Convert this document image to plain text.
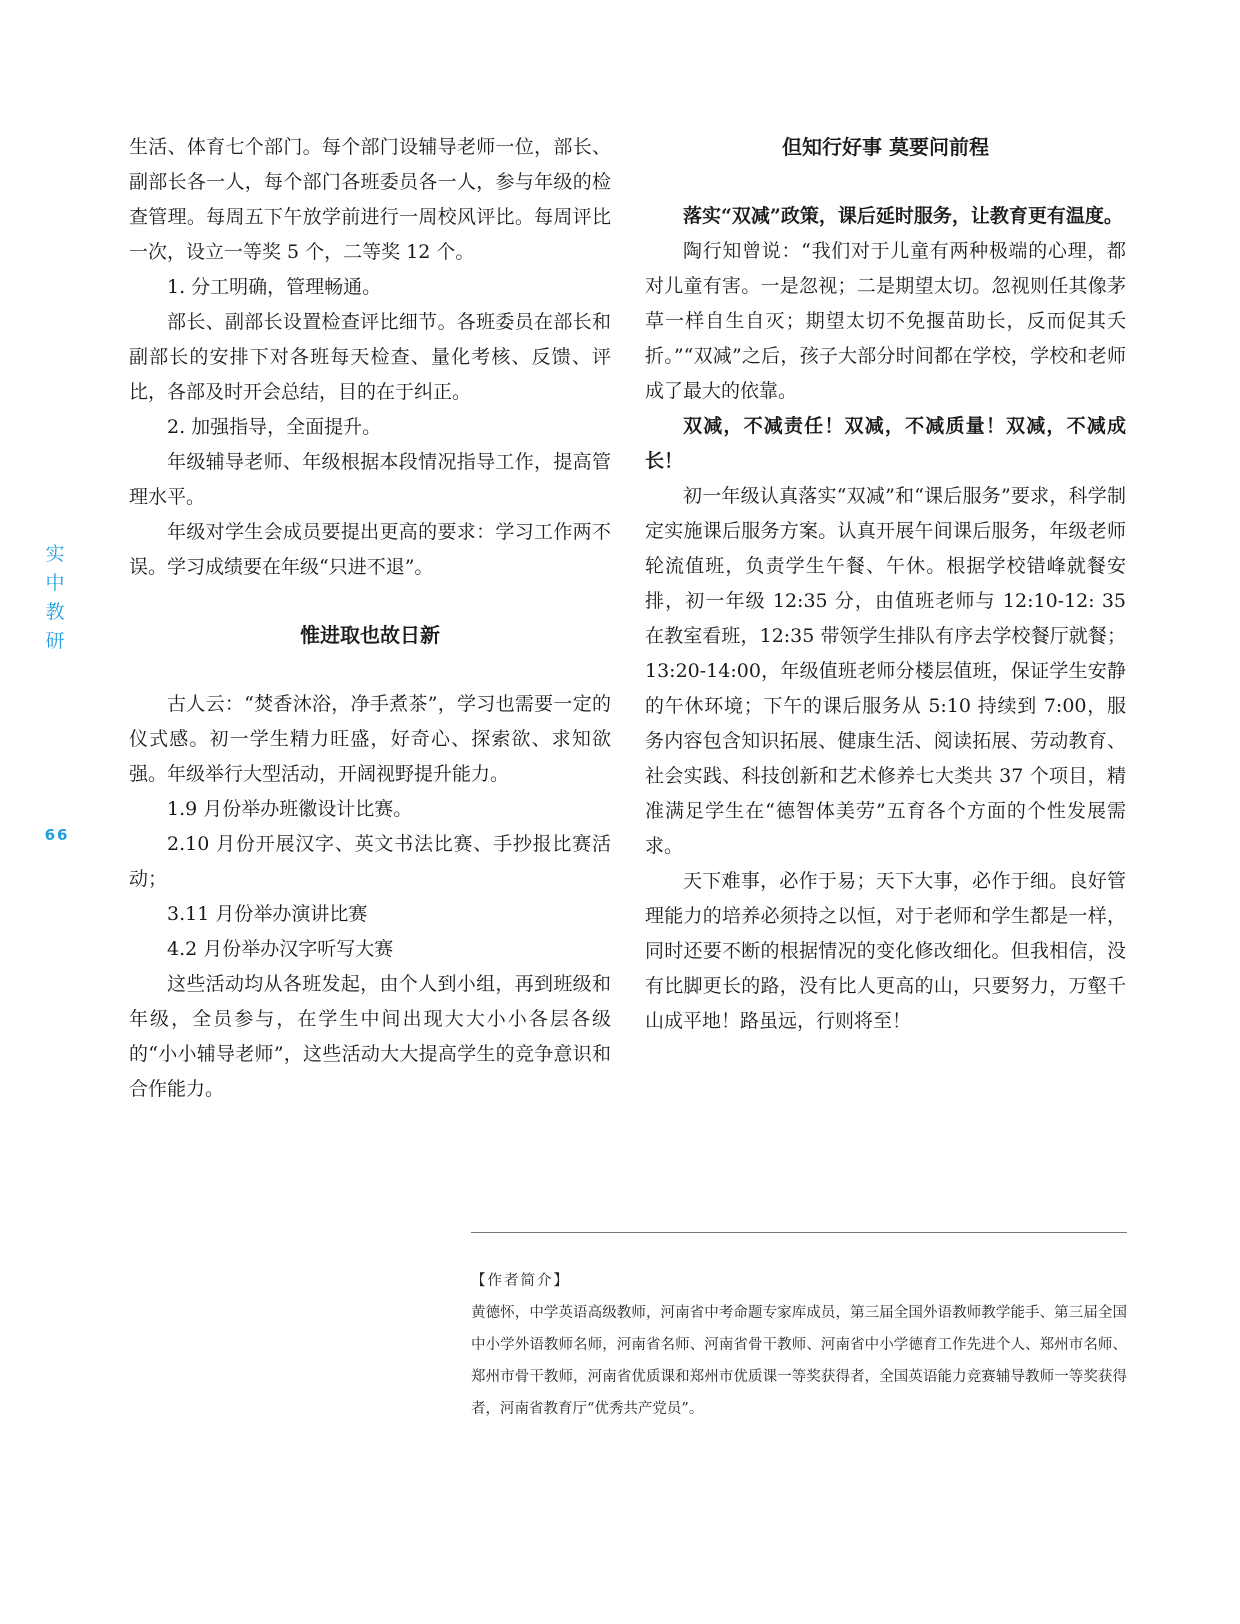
实
中
教
研
66

生活、体育七个部门。每个部门设辅导老师一位，部长、副部长各一人，每个部门各班委员各一人，参与年级的检查管理。每周五下午放学前进行一周校风评比。每周评比一次，设立一等奖 5 个，二等奖 12 个。

1. 分工明确，管理畅通。

部长、副部长设置检查评比细节。各班委员在部长和副部长的安排下对各班每天检查、量化考核、反馈、评比，各部及时开会总结，目的在于纠正。

2. 加强指导，全面提升。

年级辅导老师、年级根据本段情况指导工作，提高管理水平。

年级对学生会成员要提出更高的要求：学习工作两不误。学习成绩要在年级“只进不退”。

惟进取也故日新

古人云：“焚香沐浴，净手煮茶”，学习也需要一定的仪式感。初一学生精力旺盛，好奇心、探索欲、求知欲强。年级举行大型活动，开阔视野提升能力。

1.9 月份举办班徽设计比赛。

2.10 月份开展汉字、英文书法比赛、手抄报比赛活动；

3.11 月份举办演讲比赛

4.2 月份举办汉字听写大赛

这些活动均从各班发起，由个人到小组，再到班级和年级，全员参与，在学生中间出现大大小小各层各级的“小小辅导老师”，这些活动大大提高学生的竞争意识和合作能力。

但知行好事 莫要问前程

落实“双减”政策，课后延时服务，让教育更有温度。

陶行知曾说：“我们对于儿童有两种极端的心理，都对儿童有害。一是忽视；二是期望太切。忽视则任其像茅草一样自生自灭；期望太切不免揠苗助长，反而促其夭折。”“双减”之后，孩子大部分时间都在学校，学校和老师成了最大的依靠。

双减，不减责任！双减，不减质量！双减，不减成长！

初一年级认真落实“双减”和“课后服务”要求，科学制定实施课后服务方案。认真开展午间课后服务，年级老师轮流值班，负责学生午餐、午休。根据学校错峰就餐安排，初一年级 12:35 分，由值班老师与 12:10-12: 35 在教室看班，12:35 带领学生排队有序去学校餐厅就餐；13:20-14:00，年级值班老师分楼层值班，保证学生安静的午休环境；下午的课后服务从 5:10 持续到 7:00，服务内容包含知识拓展、健康生活、阅读拓展、劳动教育、社会实践、科技创新和艺术修养七大类共 37 个项目，精准满足学生在“德智体美劳”五育各个方面的个性发展需求。

天下难事，必作于易；天下大事，必作于细。良好管理能力的培养必须持之以恒，对于老师和学生都是一样，同时还要不断的根据情况的变化修改细化。但我相信，没有比脚更长的路，没有比人更高的山，只要努力，万壑千山成平地！路虽远，行则将至！

【作者简介】

黄德怀，中学英语高级教师，河南省中考命题专家库成员，第三届全国外语教师教学能手、第三届全国中小学外语教师名师，河南省名师、河南省骨干教师、河南省中小学德育工作先进个人、郑州市名师、郑州市骨干教师，河南省优质课和郑州市优质课一等奖获得者，全国英语能力竞赛辅导教师一等奖获得者，河南省教育厅“优秀共产党员”。
